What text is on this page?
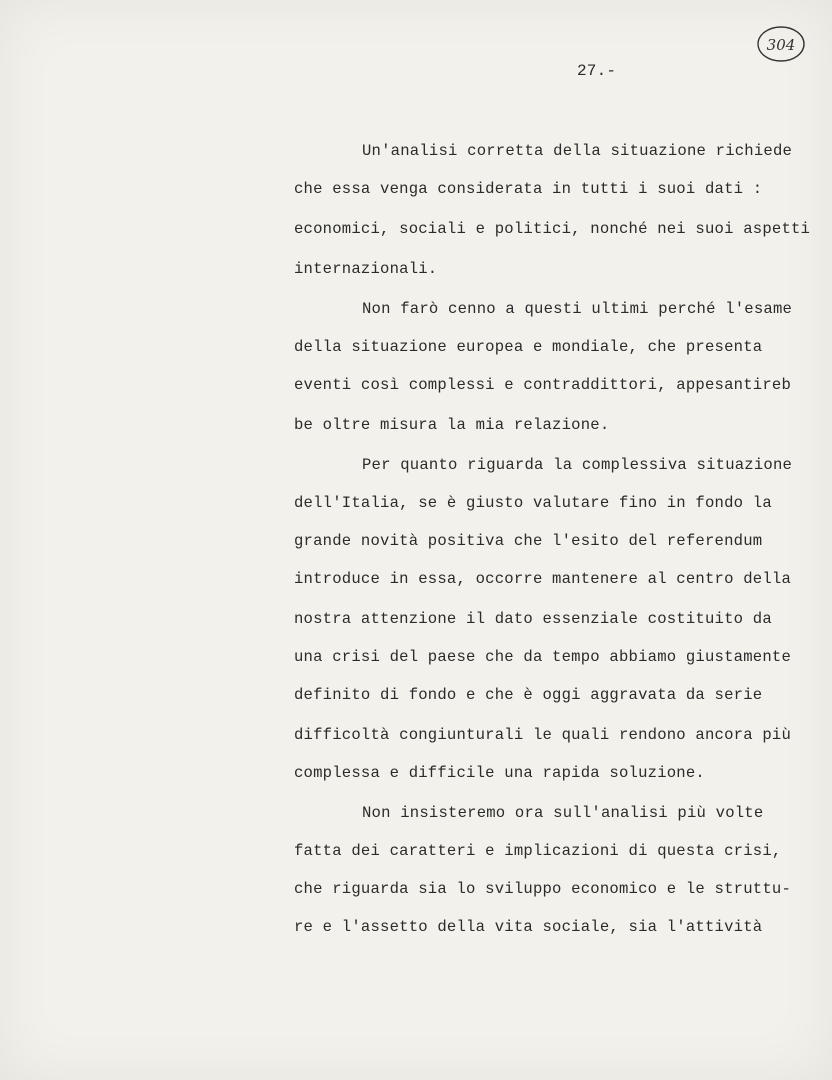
304

27.-

Un'analisi corretta della situazione richiede

che essa venga considerata in tutti i suoi dati :

economici, sociali e politici, nonché nei suoi aspetti

internazionali.

Non farò cenno a questi ultimi perché l'esame

della situazione europea e mondiale, che presenta

eventi così complessi e contraddittori, appesantireb

be oltre misura la mia relazione.

Per quanto riguarda la complessiva situazione

dell'Italia, se è giusto valutare fino in fondo la

grande novità positiva che l'esito del referendum

introduce in essa, occorre mantenere al centro della

nostra attenzione il dato essenziale costituito da

una crisi del paese che da tempo abbiamo giustamente

definito di fondo e che è oggi aggravata da serie

difficoltà congiunturali le quali rendono ancora più

complessa e difficile una rapida soluzione.

Non insisteremo ora sull'analisi più volte

fatta dei caratteri e implicazioni di questa crisi,

che riguarda sia lo sviluppo economico e le struttu-

re e l'assetto della vita sociale, sia l'attività
